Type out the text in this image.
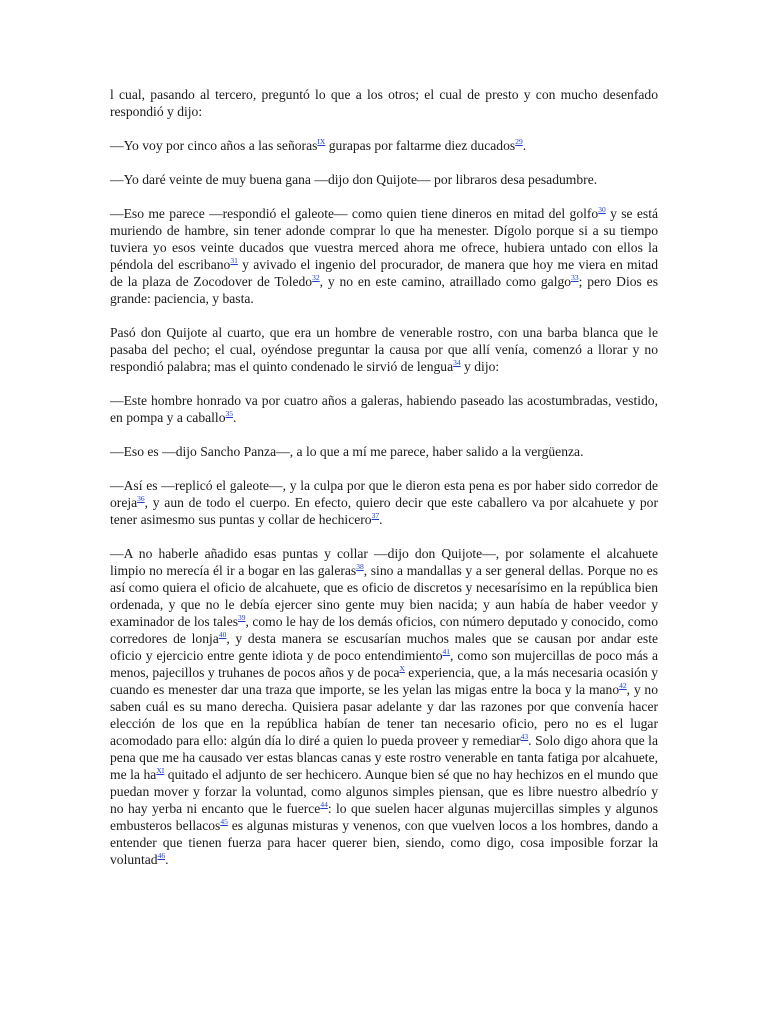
l cual, pasando al tercero, preguntó lo que a los otros; el cual de presto y con mucho desenfado respondió y dijo:

—Yo voy por cinco años a las señoras$^{IX}$ gurapas por faltarme diez ducados$^{29}$.

—Yo daré veinte de muy buena gana —dijo don Quijote— por libraros desa pesadumbre.

—Eso me parece —respondió el galeote— como quien tiene dineros en mitad del golfo$^{30}$ y se está muriendo de hambre, sin tener adonde comprar lo que ha menester. Dígolo porque si a su tiempo tuviera yo esos veinte ducados que vuestra merced ahora me ofrece, hubiera untado con ellos la péndola del escribano$^{31}$ y avivado el ingenio del procurador, de manera que hoy me viera en mitad de la plaza de Zocodover de Toledo$^{32}$, y no en este camino, atraillado como galgo$^{33}$; pero Dios es grande: paciencia, y basta.

Pasó don Quijote al cuarto, que era un hombre de venerable rostro, con una barba blanca que le pasaba del pecho; el cual, oyéndose preguntar la causa por que allí venía, comenzó a llorar y no respondió palabra; mas el quinto condenado le sirvió de lengua$^{34}$ y dijo:

—Este hombre honrado va por cuatro años a galeras, habiendo paseado las acostumbradas, vestido, en pompa y a caballo$^{35}$.

—Eso es —dijo Sancho Panza—, a lo que a mí me parece, haber salido a la vergüenza.

—Así es —replicó el galeote—, y la culpa por que le dieron esta pena es por haber sido corredor de oreja$^{36}$, y aun de todo el cuerpo. En efecto, quiero decir que este caballero va por alcahuete y por tener asimesmo sus puntas y collar de hechicero$^{37}$.

—A no haberle añadido esas puntas y collar —dijo don Quijote—, por solamente el alcahuete limpio no merecía él ir a bogar en las galeras$^{38}$, sino a mandallas y a ser general dellas. Porque no es así como quiera el oficio de alcahuete, que es oficio de discretos y necesarísimo en la república bien ordenada, y que no le debía ejercer sino gente muy bien nacida; y aun había de haber veedor y examinador de los tales$^{39}$, como le hay de los demás oficios, con número deputado y conocido, como corredores de lonja$^{40}$, y desta manera se escusarían muchos males que se causan por andar este oficio y ejercicio entre gente idiota y de poco entendimiento$^{41}$, como son mujercillas de poco más a menos, pajecillos y truhanes de pocos años y de poca$^X$ experiencia, que, a la más necesaria ocasión y cuando es menester dar una traza que importe, se les yelan las migas entre la boca y la mano$^{42}$, y no saben cuál es su mano derecha. Quisiera pasar adelante y dar las razones por que convenía hacer elección de los que en la república habían de tener tan necesario oficio, pero no es el lugar acomodado para ello: algún día lo diré a quien lo pueda proveer y remediar$^{43}$. Solo digo ahora que la pena que me ha causado ver estas blancas canas y este rostro venerable en tanta fatiga por alcahuete, me la ha$^{XI}$ quitado el adjunto de ser hechicero. Aunque bien sé que no hay hechizos en el mundo que puedan mover y forzar la voluntad, como algunos simples piensan, que es libre nuestro albedrío y no hay yerba ni encanto que le fuerce$^{44}$: lo que suelen hacer algunas mujercillas simples y algunos embusteros bellacos$^{45}$ es algunas misturas y venenos, con que vuelven locos a los hombres, dando a entender que tienen fuerza para hacer querer bien, siendo, como digo, cosa imposible forzar la voluntad$^{46}$.
